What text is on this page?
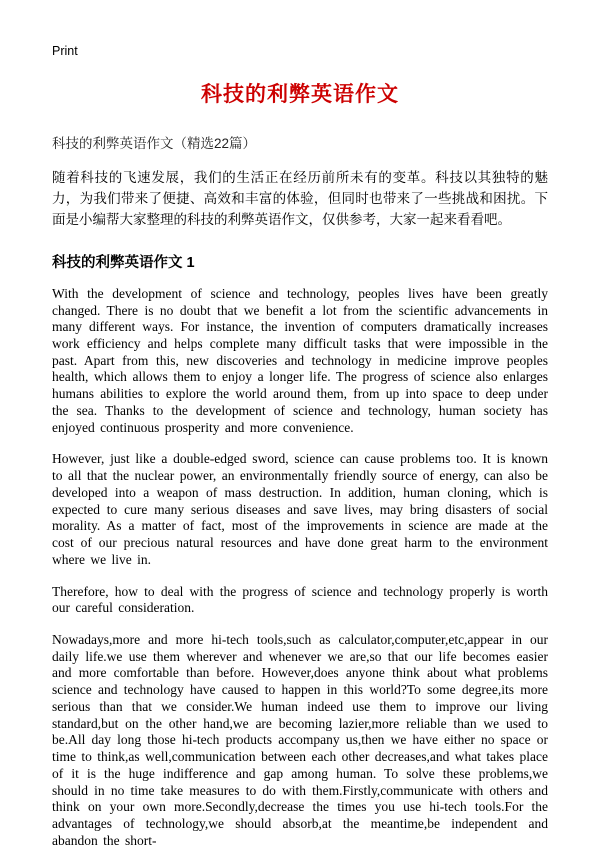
Print
科技的利弊英语作文
科技的利弊英语作文（精选22篇）
随着科技的飞速发展，我们的生活正在经历前所未有的变革。科技以其独特的魅力，为我们带来了便捷、高效和丰富的体验，但同时也带来了一些挑战和困扰。下面是小编帮大家整理的科技的利弊英语作文，仅供参考，大家一起来看看吧。
科技的利弊英语作文 1

With the development of science and technology, peoples lives have been greatly changed. There is no doubt that we benefit a lot from the scientific advancements in many different ways. For instance, the invention of computers dramatically increases work efficiency and helps complete many difficult tasks that were impossible in the past. Apart from this, new discoveries and technology in medicine improve peoples health, which allows them to enjoy a longer life. The progress of science also enlarges humans abilities to explore the world around them, from up into space to deep under the sea. Thanks to the development of science and technology, human society has enjoyed continuous prosperity and more convenience.

However, just like a double-edged sword, science can cause problems too. It is known to all that the nuclear power, an environmentally friendly source of energy, can also be developed into a weapon of mass destruction. In addition, human cloning, which is expected to cure many serious diseases and save lives, may bring disasters of social morality. As a matter of fact, most of the improvements in science are made at the cost of our precious natural resources and have done great harm to the environment where we live in.

Therefore, how to deal with the progress of science and technology properly is worth our careful consideration.

Nowadays,more and more hi-tech tools,such as calculator,computer,etc,appear in our daily life.we use them wherever and whenever we are,so that our life becomes easier and more comfortable than before. However,does anyone think about what problems science and technology have caused to happen in this world?To some degree,its more serious than that we consider.We human indeed use them to improve our living standard,but on the other hand,we are becoming lazier,more reliable than we used to be.All day long those hi-tech products accompany us,then we have either no space or time to think,as well,communication between each other decreases,and what takes place of it is the huge indifference and gap among human. To solve these problems,we should in no time take measures to do with them.Firstly,communicate with others and think on your own more.Secondly,decrease the times you use hi-tech tools.For the advantages of technology,we should absorb,at the meantime,be independent and abandon the short-
